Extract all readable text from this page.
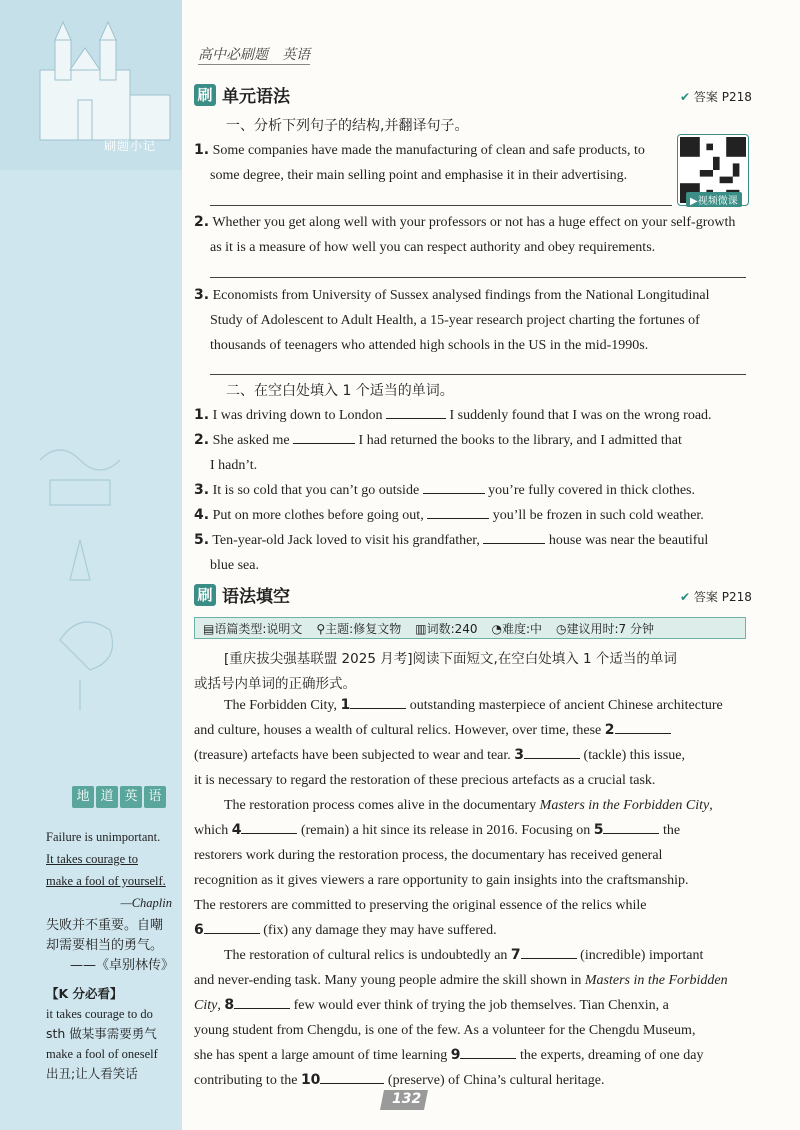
刷题小记
地 道 英 语
Failure is unimportant.
It takes courage to
make a fool of yourself.
—Chaplin
失败并不重要。自嘲
却需要相当的勇气。
——《卓别林传》
【K 分必看】
it takes courage to do
sth 做某事需要勇气
make a fool of oneself
出丑;让人看笑话
高中必刷题　英语
刷 单元语法	✔ 答案 P218
一、分析下列句子的结构,并翻译句子。
▶视频微课
1. Some companies have made the manufacturing of clean and safe products, to
some degree, their main selling point and emphasise it in their advertising.
2. Whether you get along well with your professors or not has a huge effect on your self-growth
as it is a measure of how well you can respect authority and obey requirements.
3. Economists from University of Sussex analysed findings from the National Longitudinal
Study of Adolescent to Adult Health, a 15-year research project charting the fortunes of
thousands of teenagers who attended high schools in the US in the mid-1990s.
二、在空白处填入 1 个适当的单词。
1. I was driving down to London	I suddenly found that I was on the wrong road.
2. She asked me	I had returned the books to the library, and I admitted that
I hadn’t.
3. It is so cold that you can’t go outside	you’re fully covered in thick clothes.
4. Put on more clothes before going out,	you’ll be frozen in such cold weather.
5. Ten-year-old Jack loved to visit his grandfather,	house was near the beautiful
blue sea.
刷 语法填空	✔ 答案 P218
▤语篇类型:说明文 ⚲主题:修复文物 ▥词数:240 ◔难度:中 ◷建议用时:7 分钟
[重庆拔尖强基联盟 2025 月考]阅读下面短文,在空白处填入 1 个适当的单词
或括号内单词的正确形式。
The Forbidden City, 1	outstanding masterpiece of ancient Chinese architecture
and culture, houses a wealth of cultural relics. However, over time, these 2
(treasure) artefacts have been subjected to wear and tear. 3	(tackle) this issue,
it is necessary to regard the restoration of these precious artefacts as a crucial task.
The restoration process comes alive in the documentary Masters in the Forbidden City,
which 4	(remain) a hit since its release in 2016. Focusing on 5	the
restorers work during the restoration process, the documentary has received general
recognition as it gives viewers a rare opportunity to gain insights into the craftsmanship.
The restorers are committed to preserving the original essence of the relics while
6	(fix) any damage they may have suffered.
The restoration of cultural relics is undoubtedly an 7	(incredible) important
and never-ending task. Many young people admire the skill shown in Masters in the Forbidden
City, 8	few would ever think of trying the job themselves. Tian Chenxin, a
young student from Chengdu, is one of the few. As a volunteer for the Chengdu Museum,
she has spent a large amount of time learning 9	the experts, dreaming of one day
contributing to the 10	(preserve) of China’s cultural heritage.
132
